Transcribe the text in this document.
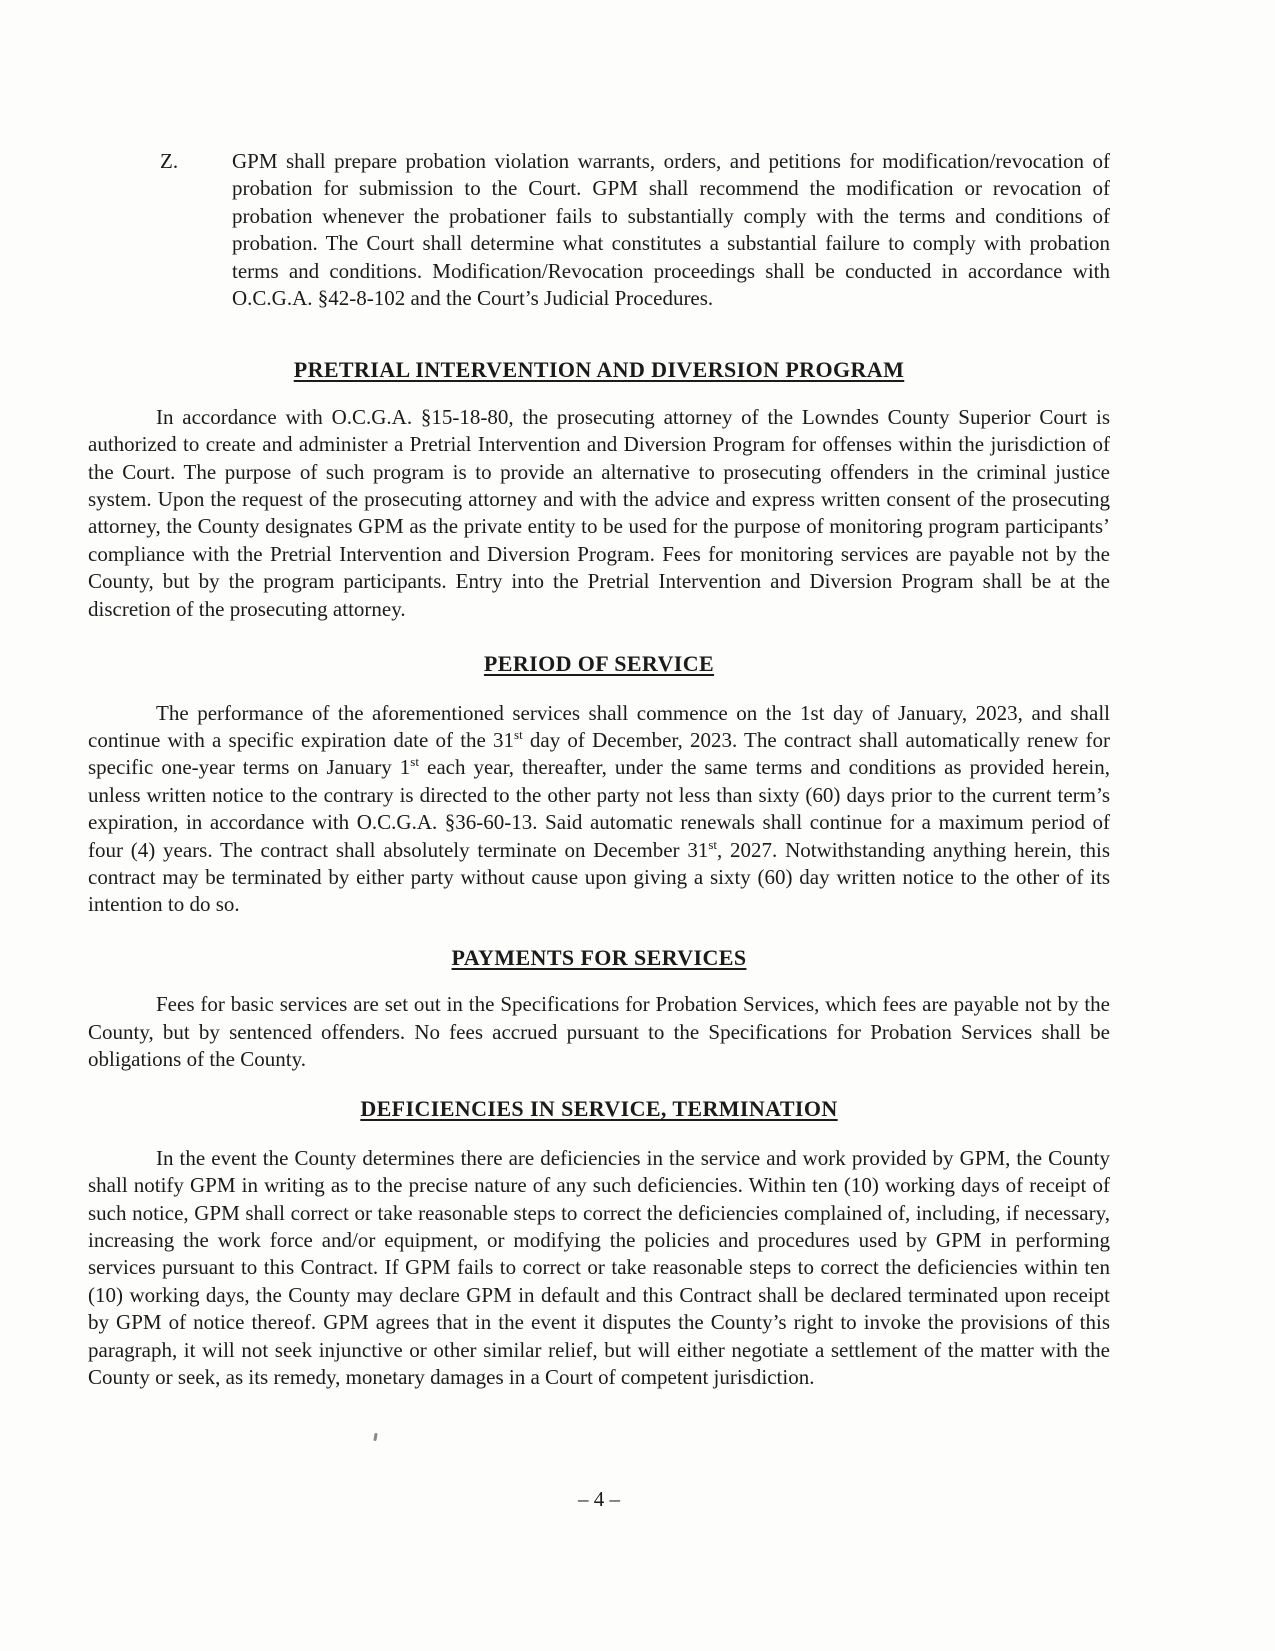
Z.	GPM shall prepare probation violation warrants, orders, and petitions for modification/revocation of probation for submission to the Court. GPM shall recommend the modification or revocation of probation whenever the probationer fails to substantially comply with the terms and conditions of probation. The Court shall determine what constitutes a substantial failure to comply with probation terms and conditions. Modification/Revocation proceedings shall be conducted in accordance with O.C.G.A. §42-8-102 and the Court’s Judicial Procedures.

PRETRIAL INTERVENTION AND DIVERSION PROGRAM

In accordance with O.C.G.A. §15-18-80, the prosecuting attorney of the Lowndes County Superior Court is authorized to create and administer a Pretrial Intervention and Diversion Program for offenses within the jurisdiction of the Court. The purpose of such program is to provide an alternative to prosecuting offenders in the criminal justice system. Upon the request of the prosecuting attorney and with the advice and express written consent of the prosecuting attorney, the County designates GPM as the private entity to be used for the purpose of monitoring program participants’ compliance with the Pretrial Intervention and Diversion Program. Fees for monitoring services are payable not by the County, but by the program participants. Entry into the Pretrial Intervention and Diversion Program shall be at the discretion of the prosecuting attorney.

PERIOD OF SERVICE

The performance of the aforementioned services shall commence on the 1st day of January, 2023, and shall continue with a specific expiration date of the 31st day of December, 2023. The contract shall automatically renew for specific one-year terms on January 1st each year, thereafter, under the same terms and conditions as provided herein, unless written notice to the contrary is directed to the other party not less than sixty (60) days prior to the current term’s expiration, in accordance with O.C.G.A. §36-60-13. Said automatic renewals shall continue for a maximum period of four (4) years. The contract shall absolutely terminate on December 31st, 2027. Notwithstanding anything herein, this contract may be terminated by either party without cause upon giving a sixty (60) day written notice to the other of its intention to do so.

PAYMENTS FOR SERVICES

Fees for basic services are set out in the Specifications for Probation Services, which fees are payable not by the County, but by sentenced offenders. No fees accrued pursuant to the Specifications for Probation Services shall be obligations of the County.

DEFICIENCIES IN SERVICE, TERMINATION

In the event the County determines there are deficiencies in the service and work provided by GPM, the County shall notify GPM in writing as to the precise nature of any such deficiencies. Within ten (10) working days of receipt of such notice, GPM shall correct or take reasonable steps to correct the deficiencies complained of, including, if necessary, increasing the work force and/or equipment, or modifying the policies and procedures used by GPM in performing services pursuant to this Contract. If GPM fails to correct or take reasonable steps to correct the deficiencies within ten (10) working days, the County may declare GPM in default and this Contract shall be declared terminated upon receipt by GPM of notice thereof. GPM agrees that in the event it disputes the County’s right to invoke the provisions of this paragraph, it will not seek injunctive or other similar relief, but will either negotiate a settlement of the matter with the County or seek, as its remedy, monetary damages in a Court of competent jurisdiction.

– 4 –
